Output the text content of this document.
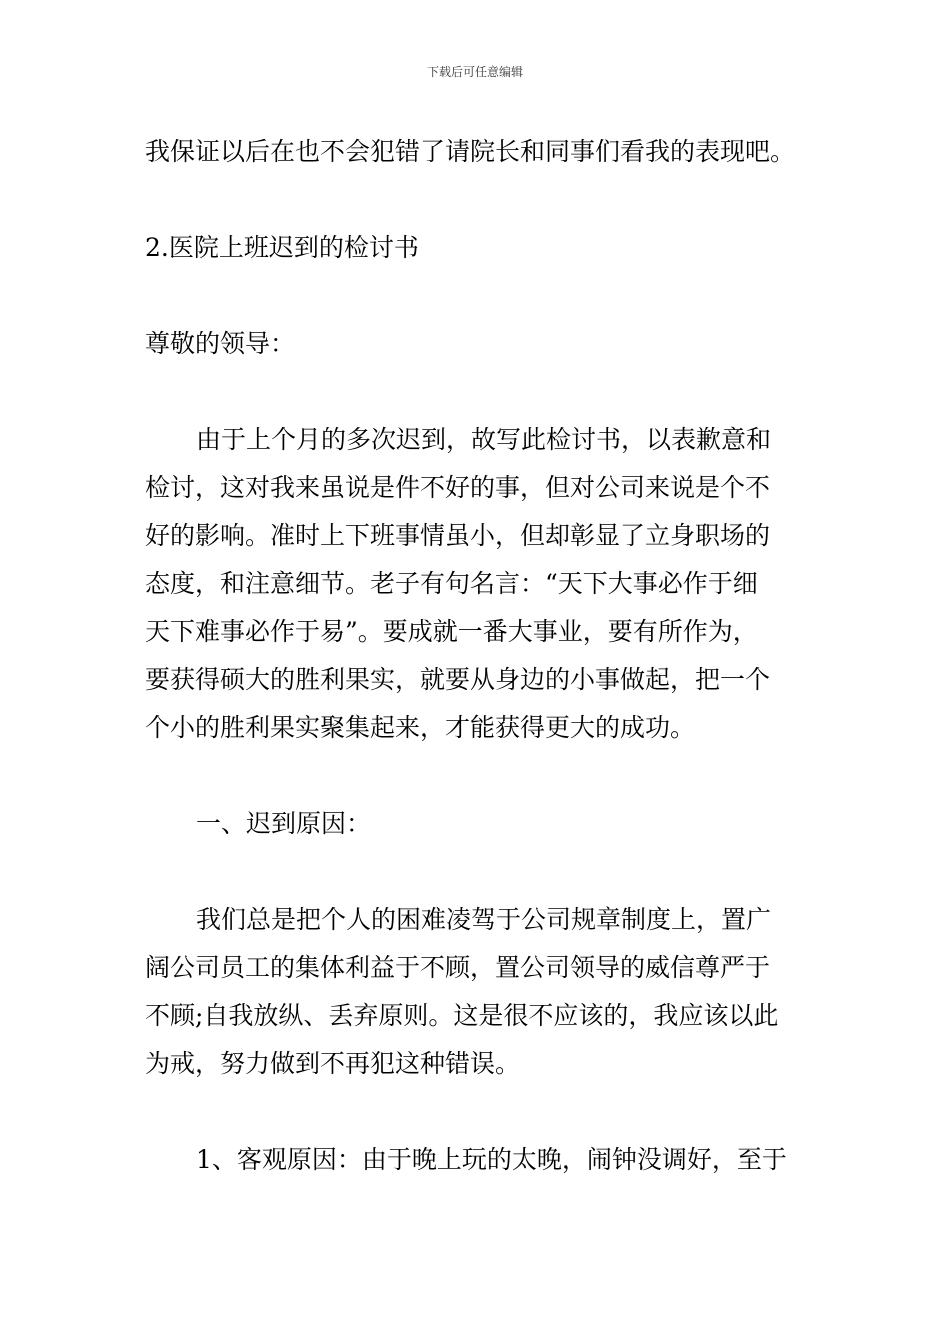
下载后可任意编辑
我保证以后在也不会犯错了请院长和同事们看我的表现吧。
2.医院上班迟到的检讨书
尊敬的领导：
由于上个月的多次迟到，故写此检讨书，以表歉意和
检讨，这对我来虽说是件不好的事，但对公司来说是个不
好的影响。准时上下班事情虽小，但却彰显了立身职场的
态度，和注意细节。老子有句名言：“天下大事必作于细
天下难事必作于易”。要成就一番大事业，要有所作为，
要获得硕大的胜利果实，就要从身边的小事做起，把一个
个小的胜利果实聚集起来，才能获得更大的成功。
一、迟到原因：
我们总是把个人的困难凌驾于公司规章制度上，置广
阔公司员工的集体利益于不顾，置公司领导的威信尊严于
不顾;自我放纵、丢弃原则。这是很不应该的，我应该以此
为戒，努力做到不再犯这种错误。
1、客观原因：由于晚上玩的太晚，闹钟没调好，至于
